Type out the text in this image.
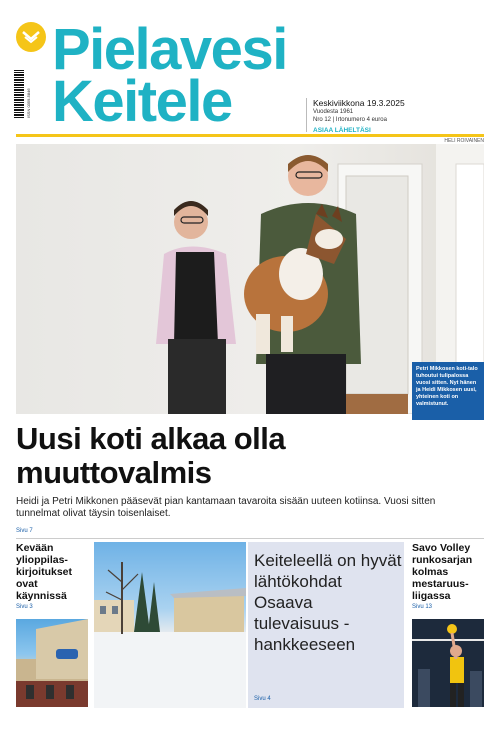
ISSN 0359-5846
Pielavesi
Keitele	Keskiviikkona 19.3.2025
Vuodesta 1961
Nro 12 | Irtonumero 4 euroa
ASIAA LÄHELTÄSI
HELI ROIVAINEN
Petri Mikkosen koti-talo tuhoutui tulipalossa vuosi sitten. Nyt hänen ja Heidi Mikkosen uusi, yhteinen koti on valmistunut.
Uusi koti alkaa olla muuttovalmis
Heidi ja Petri Mikkonen pääsevät pian kantamaan tavaroita sisään uuteen kotiinsa. Vuosi sitten tunnelmat olivat täysin toisenlaiset.
Sivu 7
Kevään ylioppilas-kirjoitukset ovat käynnissä
Sivu 3
Keiteleellä on hyvät lähtökohdat Osaava tulevaisuus -hankkeeseen
Sivu 4
Savo Volley runkosarjan kolmas mestaruus-liigassa
Sivu 13
